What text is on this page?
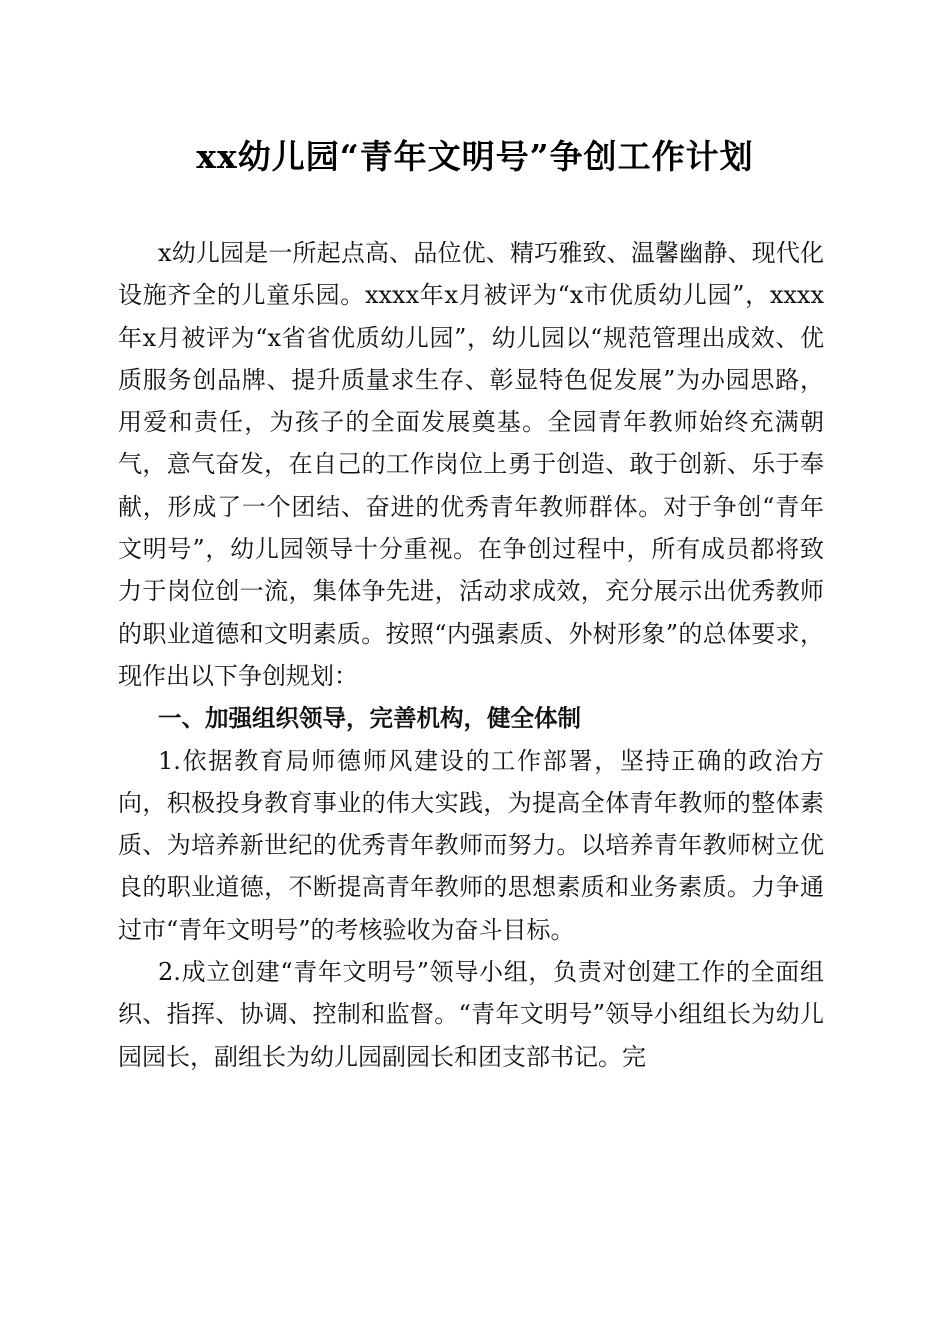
xx幼儿园“青年文明号”争创工作计划

x幼儿园是一所起点高、品位优、精巧雅致、温馨幽静、现代化设施齐全的儿童乐园。xxxx年x月被评为“x市优质幼儿园”，xxxx年x月被评为“x省省优质幼儿园”，幼儿园以“规范管理出成效、优质服务创品牌、提升质量求生存、彰显特色促发展”为办园思路，用爱和责任，为孩子的全面发展奠基。全园青年教师始终充满朝气，意气奋发，在自己的工作岗位上勇于创造、敢于创新、乐于奉献，形成了一个团结、奋进的优秀青年教师群体。对于争创“青年文明号”，幼儿园领导十分重视。在争创过程中，所有成员都将致力于岗位创一流，集体争先进，活动求成效，充分展示出优秀教师的职业道德和文明素质。按照“内强素质、外树形象”的总体要求，现作出以下争创规划：

一、加强组织领导，完善机构，健全体制

1.依据教育局师德师风建设的工作部署，坚持正确的政治方向，积极投身教育事业的伟大实践，为提高全体青年教师的整体素质、为培养新世纪的优秀青年教师而努力。以培养青年教师树立优良的职业道德，不断提高青年教师的思想素质和业务素质。力争通过市“青年文明号”的考核验收为奋斗目标。

2.成立创建“青年文明号”领导小组，负责对创建工作的全面组织、指挥、协调、控制和监督。“青年文明号”领导小组组长为幼儿园园长，副组长为幼儿园副园长和团支部书记。完
